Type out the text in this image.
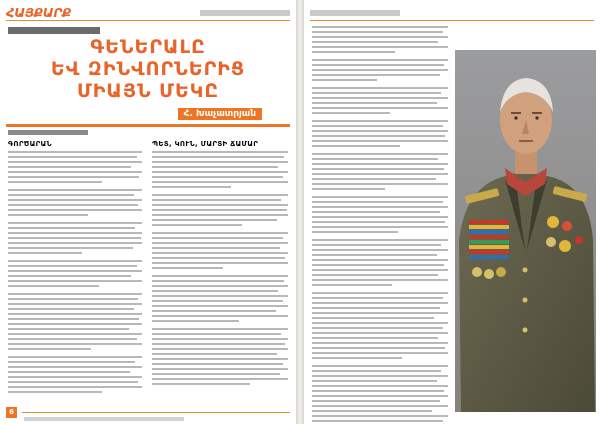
ՀԱՅՔԱՐՔ
ԳԵՆԵՐԱԼԸ
ԵՎ ԶԻՆՎՈՐՆԵՐԻՑ
ՄԻԱՅՆ ՄԵԿԸ
Հ. Խաչատրյան
ԳՈՐԾԱՐԱՆ	ՊԵՏ, ԿՈՒՆ, ՄԱՐՏԻ ՃԱՄԱՐ
6
